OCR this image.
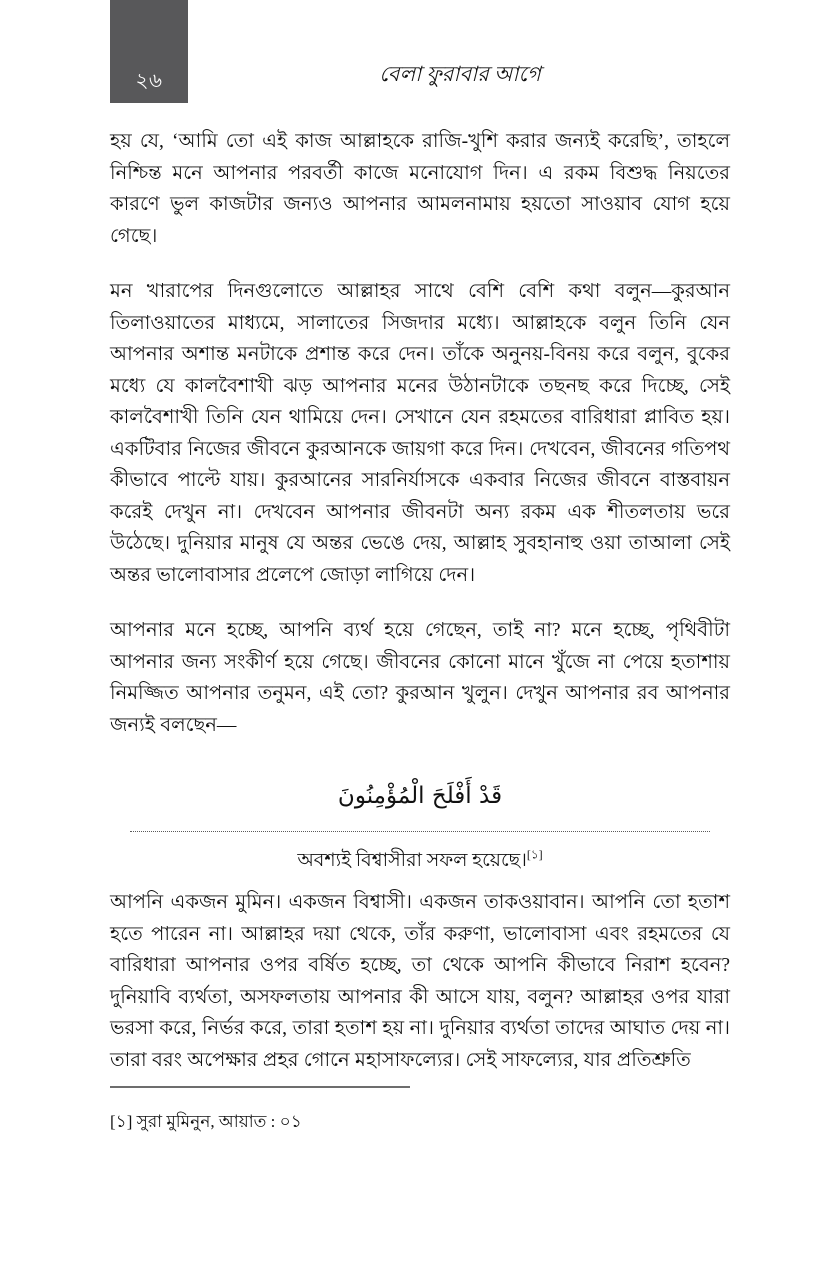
২৬	বেলা ফুরাবার আগে

হয় যে, ‘আমি তো এই কাজ আল্লাহকে রাজি-খুশি করার জন্যই করেছি’, তাহলে নিশ্চিন্ত মনে আপনার পরবর্তী কাজে মনোযোগ দিন। এ রকম বিশুদ্ধ নিয়তের কারণে ভুল কাজটার জন্যও আপনার আমলনামায় হয়তো সাওয়াব যোগ হয়ে গেছে।

মন খারাপের দিনগুলোতে আল্লাহর সাথে বেশি বেশি কথা বলুন—কুরআন তিলাওয়াতের মাধ্যমে, সালাতের সিজদার মধ্যে। আল্লাহকে বলুন তিনি যেন আপনার অশান্ত মনটাকে প্রশান্ত করে দেন। তাঁকে অনুনয়-বিনয় করে বলুন, বুকের মধ্যে যে কালবৈশাখী ঝড় আপনার মনের উঠানটাকে তছনছ করে দিচ্ছে, সেই কালবৈশাখী তিনি যেন থামিয়ে দেন। সেখানে যেন রহমতের বারিধারা প্লাবিত হয়। একটিবার নিজের জীবনে কুরআনকে জায়গা করে দিন। দেখবেন, জীবনের গতিপথ কীভাবে পাল্টে যায়। কুরআনের সারনির্যাসকে একবার নিজের জীবনে বাস্তবায়ন করেই দেখুন না। দেখবেন আপনার জীবনটা অন্য রকম এক শীতলতায় ভরে উঠেছে। দুনিয়ার মানুষ যে অন্তর ভেঙে দেয়, আল্লাহ সুবহানাহু ওয়া তাআলা সেই অন্তর ভালোবাসার প্রলেপে জোড়া লাগিয়ে দেন।

আপনার মনে হচ্ছে, আপনি ব্যর্থ হয়ে গেছেন, তাই না? মনে হচ্ছে, পৃথিবীটা আপনার জন্য সংকীর্ণ হয়ে গেছে। জীবনের কোনো মানে খুঁজে না পেয়ে হতাশায় নিমজ্জিত আপনার তনুমন, এই তো? কুরআন খুলুন। দেখুন আপনার রব আপনার জন্যই বলছেন—

قَدْ أَفْلَحَ الْمُؤْمِنُونَ
অবশ্যই বিশ্বাসীরা সফল হয়েছে।[১]

আপনি একজন মুমিন। একজন বিশ্বাসী। একজন তাকওয়াবান। আপনি তো হতাশ হতে পারেন না। আল্লাহর দয়া থেকে, তাঁর করুণা, ভালোবাসা এবং রহমতের যে বারিধারা আপনার ওপর বর্ষিত হচ্ছে, তা থেকে আপনি কীভাবে নিরাশ হবেন? দুনিয়াবি ব্যর্থতা, অসফলতায় আপনার কী আসে যায়, বলুন? আল্লাহর ওপর যারা ভরসা করে, নির্ভর করে, তারা হতাশ হয় না। দুনিয়ার ব্যর্থতা তাদের আঘাত দেয় না। তারা বরং অপেক্ষার প্রহর গোনে মহাসাফল্যের। সেই সাফল্যের, যার প্রতিশ্রুতি

[১] সুরা মুমিনুন, আয়াত : ০১
